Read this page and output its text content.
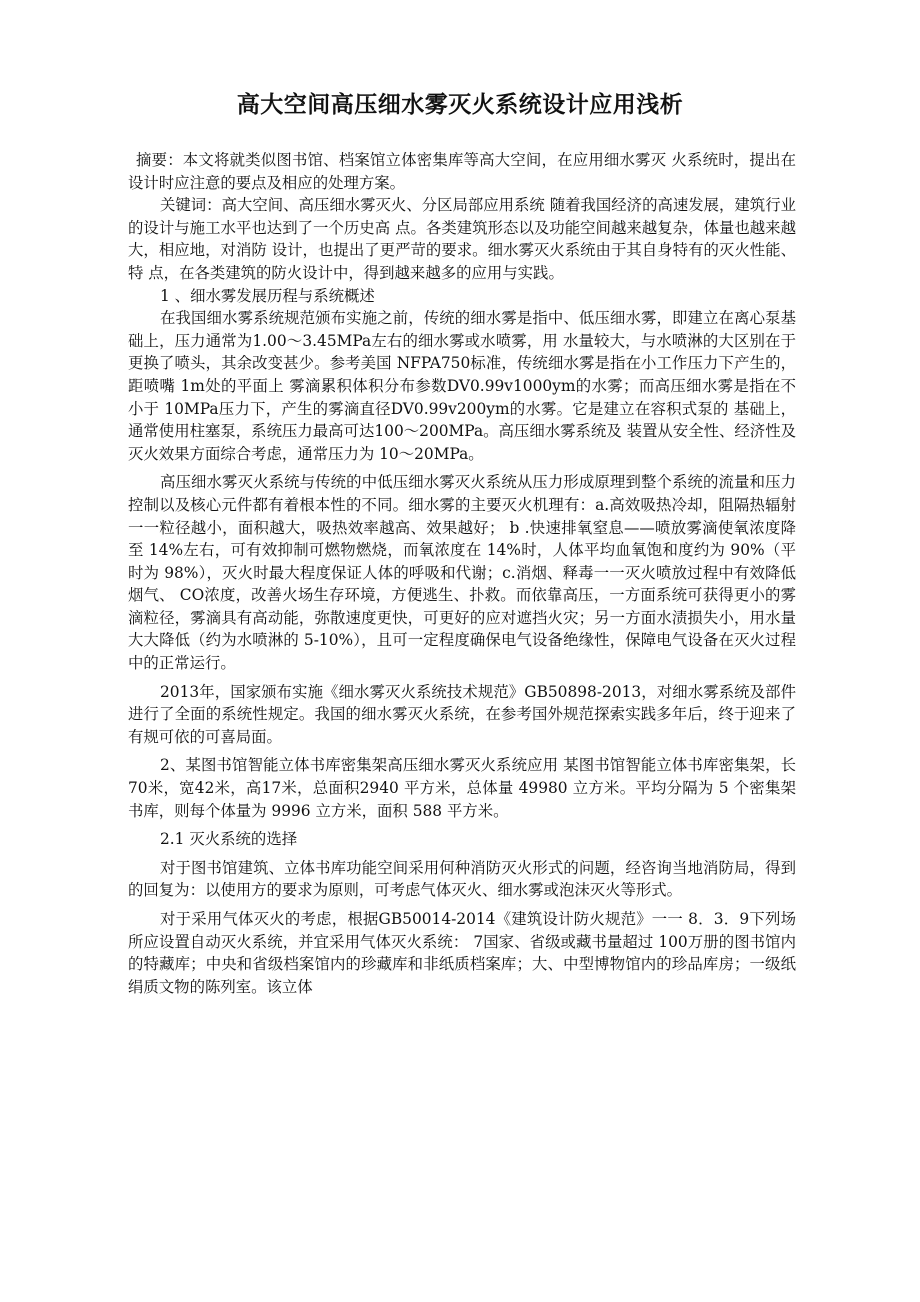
高大空间高压细水雾灭火系统设计应用浅析

摘要：本文将就类似图书馆、档案馆立体密集库等高大空间，在应用细水雾灭 火系统时，提出在设计时应注意的要点及相应的处理方案。

关键词：高大空间、高压细水雾灭火、分区局部应用系统 随着我国经济的高速发展，建筑行业的设计与施工水平也达到了一个历史高 点。各类建筑形态以及功能空间越来越复杂，体量也越来越大，相应地，对消防 设计，也提出了更严苛的要求。细水雾灭火系统由于其自身特有的灭火性能、特 点，在各类建筑的防火设计中，得到越来越多的应用与实践。

1 、细水雾发展历程与系统概述

在我国细水雾系统规范颁布实施之前，传统的细水雾是指中、低压细水雾，即建立在离心泵基础上，压力通常为1.00〜3.45MPa左右的细水雾或水喷雾，用 水量较大，与水喷淋的大区别在于更换了喷头，其余改变甚少。参考美国 NFPA750标准，传统细水雾是指在小工作压力下产生的，距喷嘴 1m处的平面上 雾滴累积体积分布参数DV0.99v1000ym的水雾；而高压细水雾是指在不小于 10MPa压力下，产生的雾滴直径DV0.99v200ym的水雾。它是建立在容积式泵的 基础上，通常使用柱塞泵，系统压力最高可达100〜200MPa。高压细水雾系统及 装置从安全性、经济性及灭火效果方面综合考虑，通常压力为 10〜20MPa。

高压细水雾灭火系统与传统的中低压细水雾灭火系统从压力形成原理到整个系统的流量和压力控制以及核心元件都有着根本性的不同。细水雾的主要灭火机理有：a.高效吸热冷却，阻隔热辐射一一粒径越小，面积越大，吸热效率越高、效果越好； b .快速排氧窒息——喷放雾滴使氧浓度降至 14%左右，可有效抑制可燃物燃烧，而氧浓度在 14%时，人体平均血氧饱和度约为 90%（平时为 98%），灭火时最大程度保证人体的呼吸和代谢；c.消烟、释毒一一灭火喷放过程中有效降低烟气、 CO浓度，改善火场生存环境，方便逃生、扑救。而依靠高压，一方面系统可获得更小的雾滴粒径，雾滴具有高动能，弥散速度更快，可更好的应对遮挡火灾；另一方面水渍损失小，用水量大大降低（约为水喷淋的 5-10%），且可一定程度确保电气设备绝缘性，保障电气设备在灭火过程中的正常运行。

2013年，国家颁布实施《细水雾灭火系统技术规范》GB50898-2013，对细水雾系统及部件进行了全面的系统性规定。我国的细水雾灭火系统，在参考国外规范探索实践多年后，终于迎来了有规可依的可喜局面。

2、某图书馆智能立体书库密集架高压细水雾灭火系统应用 某图书馆智能立体书库密集架，长70米，宽42米，高17米，总面积2940 平方米，总体量 49980 立方米。平均分隔为 5 个密集架书库，则每个体量为 9996 立方米，面积 588 平方米。

2.1 灭火系统的选择

对于图书馆建筑、立体书库功能空间采用何种消防灭火形式的问题，经咨询当地消防局，得到的回复为：以使用方的要求为原则，可考虑气体灭火、细水雾或泡沫灭火等形式。

对于采用气体灭火的考虑，根据GB50014-2014《建筑设计防火规范》一一 8．3．9下列场所应设置自动灭火系统，并宜采用气体灭火系统： 7国家、省级或藏书量超过 100万册的图书馆内的特藏库；中央和省级档案馆内的珍藏库和非纸质档案库；大、中型博物馆内的珍品库房；一级纸绢质文物的陈列室。该立体
